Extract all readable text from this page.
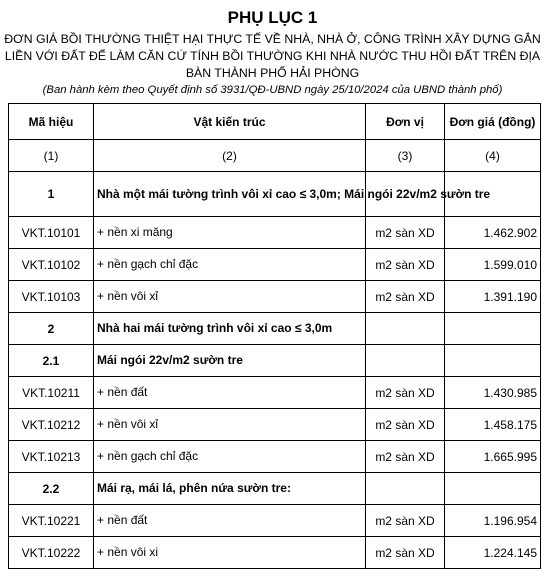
PHỤ LỤC 1
ĐƠN GIÁ BỒI THƯỜNG THIỆT HẠI THỰC TẾ VỀ NHÀ, NHÀ Ở, CÔNG TRÌNH XÂY DỰNG GẮN
LIỀN VỚI ĐẤT ĐỂ LÀM CĂN CỨ TÍNH BỒI THƯỜNG KHI NHÀ NƯỚC THU HỒI ĐẤT TRÊN ĐỊA
BÀN THÀNH PHỐ HẢI PHÒNG
(Ban hành kèm theo Quyết định số 3931/QĐ-UBND ngày 25/10/2024 của UBND thành phố)
Mã hiệu	Vật kiến trúc	Đơn vị	Đơn giá (đồng)
(1)	(2)	(3)	(4)
1	Nhà một mái tường trình vôi xỉ cao ≤ 3,0m; Mái ngói 22v/m2 sườn tre		
VKT.10101	+ nền xi măng	m2 sàn XD	1.462.902
VKT.10102	+ nền gạch chỉ đặc	m2 sàn XD	1.599.010
VKT.10103	+ nền vôi xỉ	m2 sàn XD	1.391.190
2	Nhà hai mái tường trình vôi xỉ cao ≤ 3,0m		
2.1	Mái ngói 22v/m2 sườn tre		
VKT.10211	+ nền đất	m2 sàn XD	1.430.985
VKT.10212	+ nền vôi xỉ	m2 sàn XD	1.458.175
VKT.10213	+ nền gạch chỉ đặc	m2 sàn XD	1.665.995
2.2	Mái rạ, mái lá, phên nứa sườn tre:		
VKT.10221	+ nền đất	m2 sàn XD	1.196.954
VKT.10222	+ nền vôi xi	m2 sàn XD	1.224.145
